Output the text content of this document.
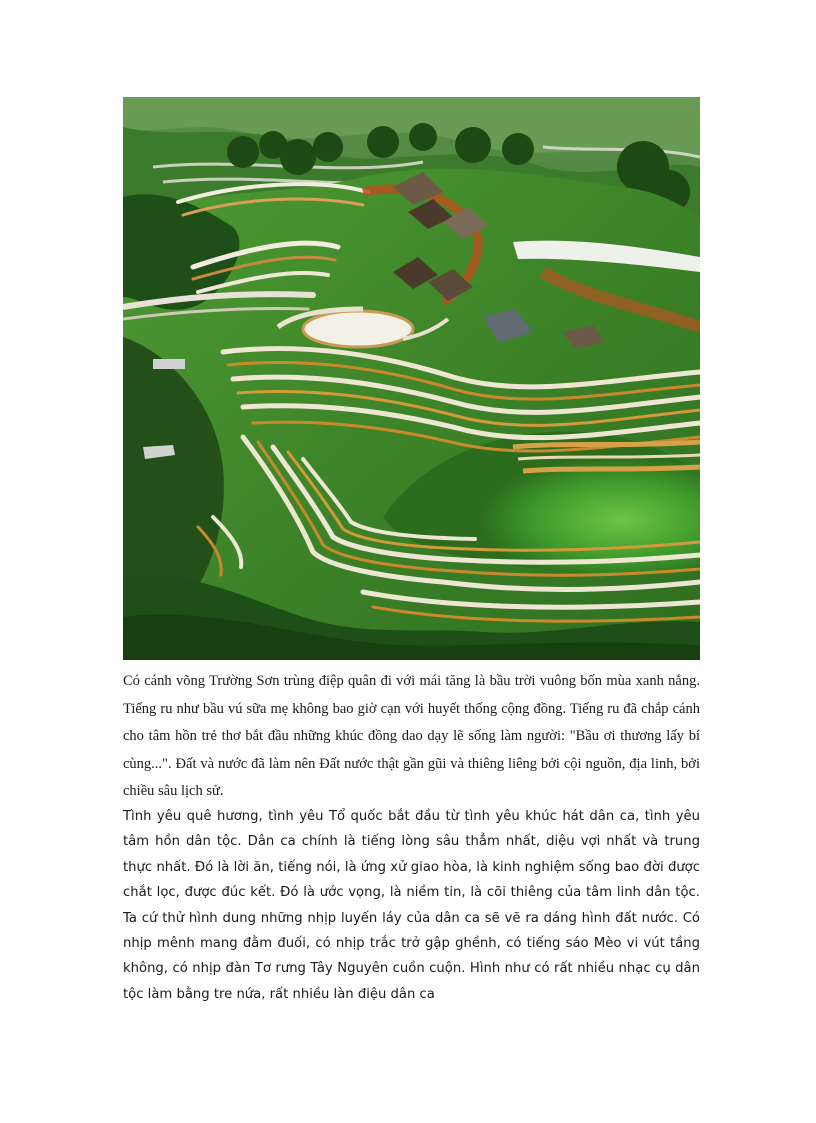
Có cánh võng Trường Sơn trùng điệp quân đi với mái tăng là bầu trời vuông bốn mùa xanh nắng. Tiếng ru như bầu vú sữa mẹ không bao giờ cạn với huyết thống cộng đồng. Tiếng ru đã chắp cánh cho tâm hồn trẻ thơ bắt đầu những khúc đồng dao dạy lẽ sống làm người: "Bầu ơi thương lấy bí cùng...". Đất và nước đã làm nên Đất nước thật gần gũi và thiêng liêng bởi cội nguồn, địa linh, bởi chiều sâu lịch sử.

Tình yêu quê hương, tình yêu Tổ quốc bắt đầu từ tình yêu khúc hát dân ca, tình yêu tâm hồn dân tộc. Dân ca chính là tiếng lòng sâu thẳm nhất, diệu vợi nhất và trung thực nhất. Đó là lời ăn, tiếng nói, là ứng xử giao hòa, là kinh nghiệm sống bao đời được chắt lọc, được đúc kết. Đó là ước vọng, là niềm tin, là cõi thiêng của tâm linh dân tộc. Ta cứ thử hình dung những nhịp luyến láy của dân ca sẽ vẽ ra dáng hình đất nước. Có nhịp mênh mang đằm đuối, có nhịp trắc trở gập ghềnh, có tiếng sáo Mèo vi vút tầng không, có nhịp đàn Tơ rưng Tây Nguyên cuồn cuộn. Hình như có rất nhiều nhạc cụ dân tộc làm bằng tre nứa, rất nhiều làn điệu dân ca
